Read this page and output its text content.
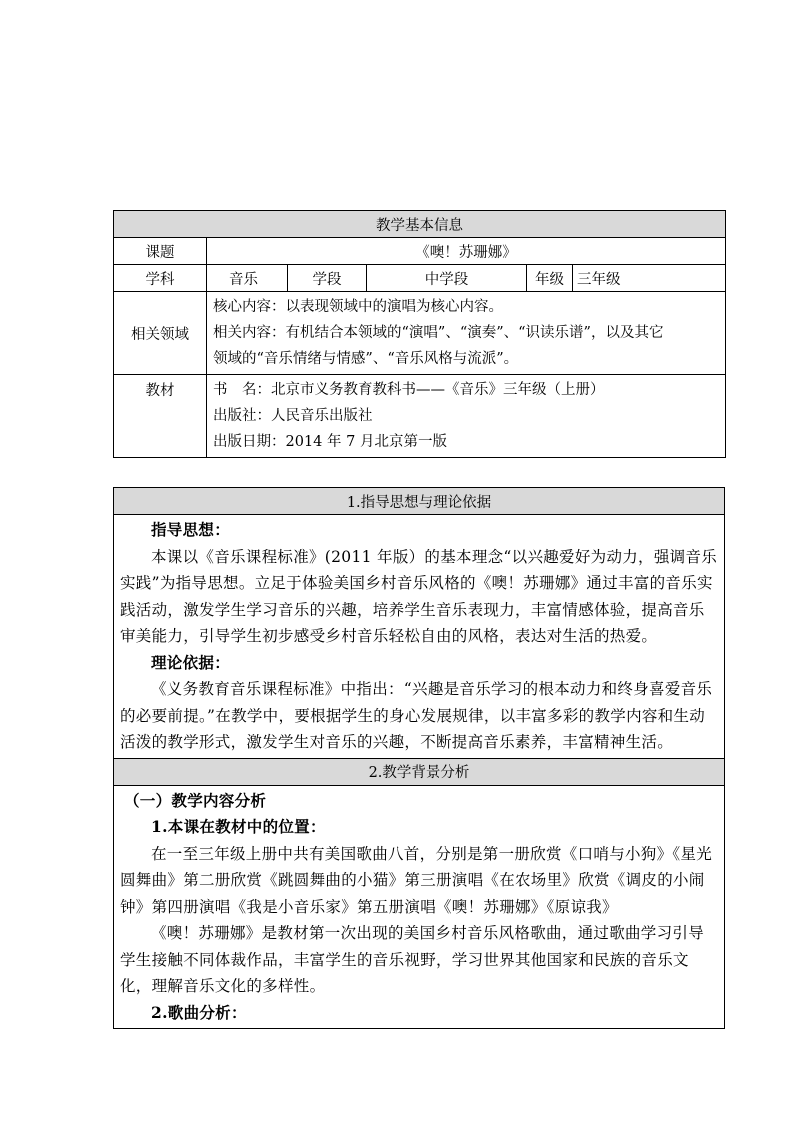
教学基本信息					
课题	《噢！苏珊娜》				
学科	音乐	学段	中学段	年级	三年级
相关领域	核心内容：以表现领域中的演唱为核心内容。

相关内容：有机结合本领域的“演唱”、“演奏”、“识读乐谱”，以及其它

领域的“音乐情绪与情感”、“音乐风格与流派”。				

教材	书　名：北京市义务教育教科书——《音乐》三年级（上册）

出版社：人民音乐出版社

出版日期：2014 年 7 月北京第一版				

1.指导思想与理论依据

指导思想：

本课以《音乐课程标准》(2011 年版）的基本理念“以兴趣爱好为动力，强调音乐实践”为指导思想。立足于体验美国乡村音乐风格的《噢！苏珊娜》通过丰富的音乐实践活动，激发学生学习音乐的兴趣，培养学生音乐表现力，丰富情感体验，提高音乐审美能力，引导学生初步感受乡村音乐轻松自由的风格，表达对生活的热爱。

理论依据：

《义务教育音乐课程标准》中指出：“兴趣是音乐学习的根本动力和终身喜爱音乐的必要前提。”在教学中，要根据学生的身心发展规律，以丰富多彩的教学内容和生动活泼的教学形式，激发学生对音乐的兴趣，不断提高音乐素养，丰富精神生活。

2.教学背景分析

（一）教学内容分析

1.本课在教材中的位置：

在一至三年级上册中共有美国歌曲八首，分别是第一册欣赏《口哨与小狗》《星光圆舞曲》第二册欣赏《跳圆舞曲的小猫》第三册演唱《在农场里》欣赏《调皮的小闹钟》第四册演唱《我是小音乐家》第五册演唱《噢！苏珊娜》《原谅我》

《噢！苏珊娜》是教材第一次出现的美国乡村音乐风格歌曲，通过歌曲学习引导学生接触不同体裁作品，丰富学生的音乐视野，学习世界其他国家和民族的音乐文化，理解音乐文化的多样性。

2.歌曲分析：
